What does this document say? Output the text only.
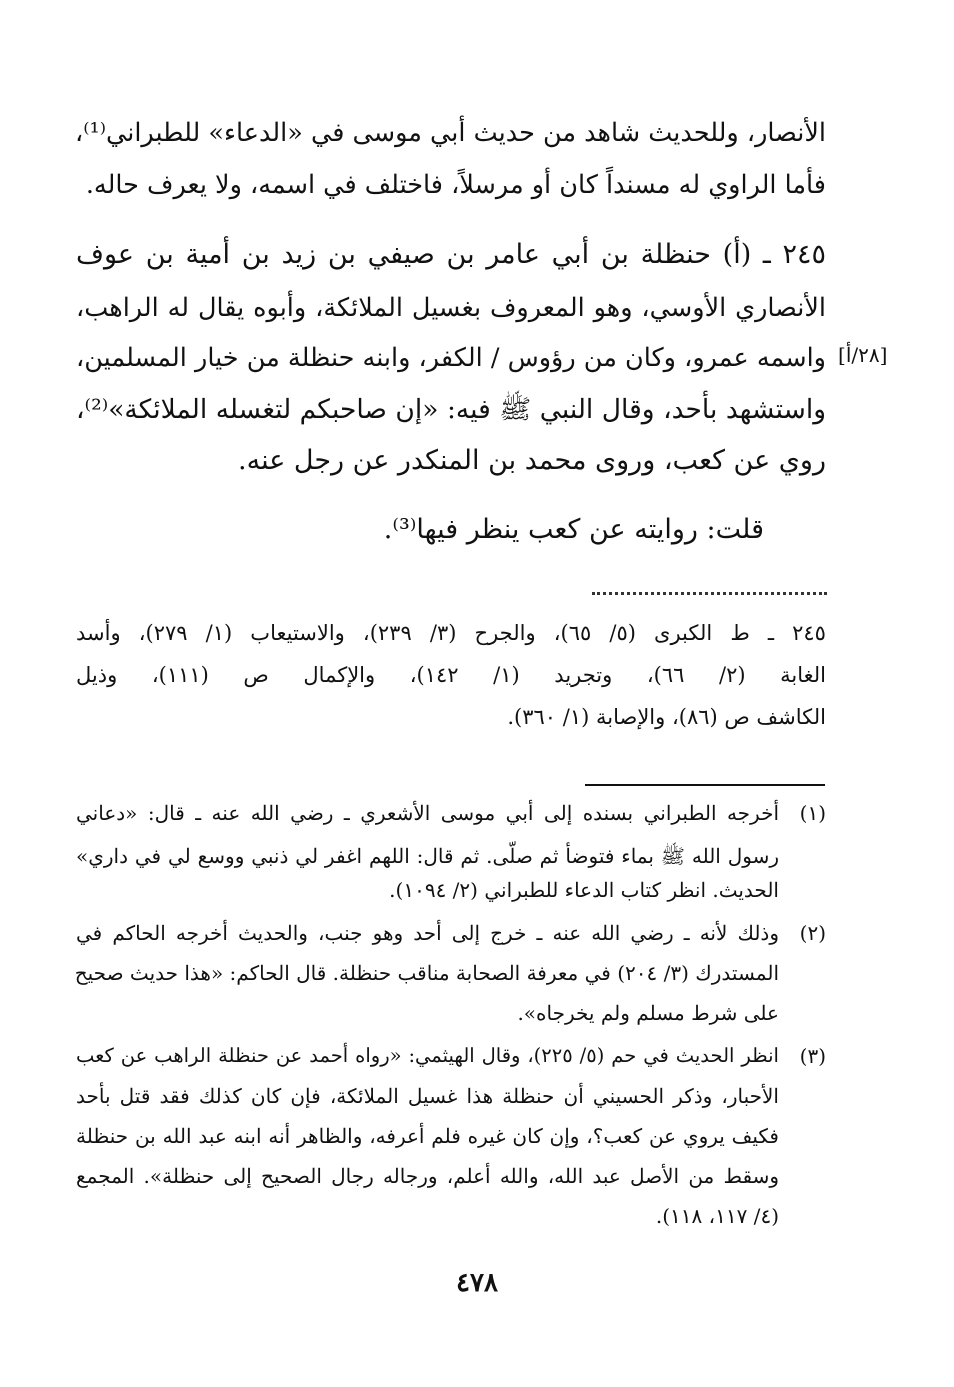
الأنصار، وللحديث شاهد من حديث أبي موسى في «الدعاء» للطبراني⁽¹⁾،
فأما الراوي له مسنداً كان أو مرسلاً، فاختلف في اسمه، ولا يعرف حاله.
٢٤٥ ـ (أ) حنظلة بن أبي عامر بن صيفي بن زيد بن أمية بن عوف
الأنصاري الأوسي، وهو المعروف بغسيل الملائكة، وأبوه يقال له الراهب،
واسمه عمرو، وكان من رؤوس / الكفر، وابنه حنظلة من خيار المسلمين، [٢٨/أ]
واستشهد بأحد، وقال النبي ﷺ فيه: «إن صاحبكم لتغسله الملائكة»⁽²⁾،
روي عن كعب، وروى محمد بن المنكدر عن رجل عنه.
قلت: روايته عن كعب ينظر فيها⁽³⁾.
٢٤٥ ـ ط الكبرى (٥/ ٦٥)، والجرح (٣/ ٢٣٩)، والاستيعاب (١/ ٢٧٩)، وأسد
الغابة (٢/ ٦٦)، وتجريد (١/ ١٤٢)، والإكمال ص (١١١)، وذيل
الكاشف ص (٨٦)، والإصابة (١/ ٣٦٠).
(١)
أخرجه الطبراني بسنده إلى أبي موسى الأشعري ـ رضي الله عنه ـ قال: «دعاني
رسول الله ﷺ بماء فتوضأ ثم صلّى. ثم قال: اللهم اغفر لي ذنبي ووسع لي في داري»
الحديث. انظر كتاب الدعاء للطبراني (٢/ ١٠٩٤).
(٢)
وذلك لأنه ـ رضي الله عنه ـ خرج إلى أحد وهو جنب، والحديث أخرجه الحاكم في
المستدرك (٣/ ٢٠٤) في معرفة الصحابة مناقب حنظلة. قال الحاكم: «هذا حديث صحيح
على شرط مسلم ولم يخرجاه».
(٣)
انظر الحديث في حم (٥/ ٢٢٥)، وقال الهيثمي: «رواه أحمد عن حنظلة الراهب عن كعب
الأحبار، وذكر الحسيني أن حنظلة هذا غسيل الملائكة، فإن كان كذلك فقد قتل بأحد
فكيف يروي عن كعب؟، وإن كان غيره فلم أعرفه، والظاهر أنه ابنه عبد الله بن حنظلة
وسقط من الأصل عبد الله، والله أعلم، ورجاله رجال الصحيح إلى حنظلة». المجمع
(٤/ ١١٧، ١١٨).
٤٧٨
